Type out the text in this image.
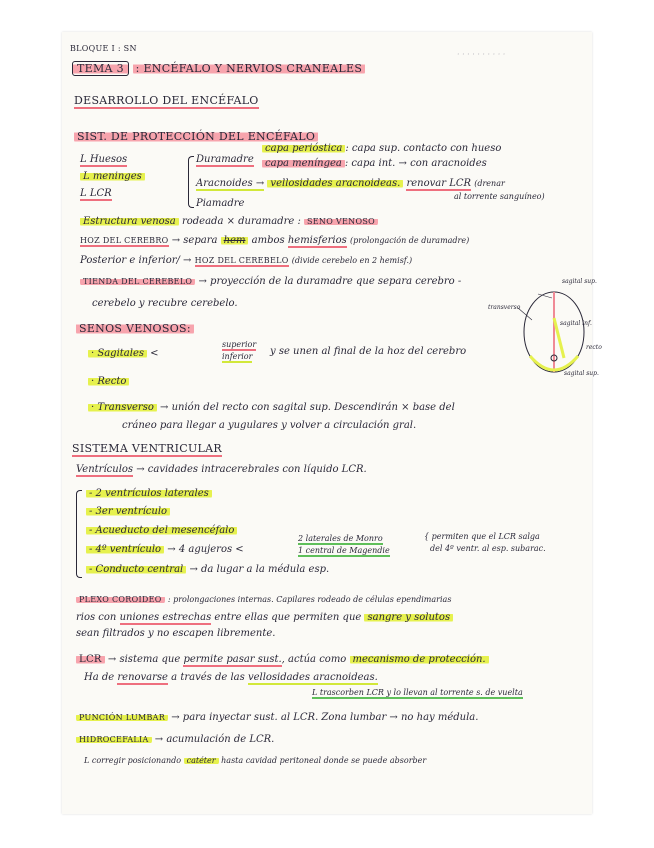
· · · · · · · · · ·
BLOQUE I : SN
TEMA 3 : ENCÉFALO Y NERVIOS CRANEALES
DESARROLLO DEL ENCÉFALO
SIST. DE PROTECCIÓN DEL ENCÉFALO
L Huesos
L meninges
L LCR
Duramadre
capa perióstica : capa sup. contacto con hueso
capa meníngea : capa int. → con aracnoides
Aracnoides → vellosidades aracnoideas. renovar LCR (drenar
al torrente sanguíneo)
Piamadre
Estructura venosa rodeada × duramadre : SENO VENOSO
HOZ DEL CEREBRO → separa hem ambos hemisferios (prolongación de duramadre)
Posterior e inferior/ → HOZ DEL CEREBELO (divide cerebelo en 2 hemisf.)
TIENDA DEL CEREBELO → proyección de la duramadre que separa cerebro -
cerebelo y recubre cerebelo.
SENOS VENOSOS:
· Sagitales <
superior
inferior y se unen al final de la hoz del cerebro
· Recto
· Transverso → unión del recto con sagital sup. Descendirán × base del
cráneo para llegar a yugulares y volver a circulación gral.
sagital sup.
transverso
sagital inf.
recto
sagital sup.
SISTEMA VENTRICULAR
Ventrículos → cavidades intracerebrales con líquido LCR.
- 2 ventrículos laterales
- 3er ventrículo
- Acueducto del mesencéfalo
- 4º ventrículo → 4 agujeros <
2 laterales de Monro
1 central de Magendie
{ permiten que el LCR salga
del 4º ventr. al esp. subarac.
- Conducto central → da lugar a la médula esp.
PLEXO COROIDEO : prolongaciones internas. Capilares rodeado de células ependimarias
rios con uniones estrechas entre ellas que permiten que sangre y solutos
sean filtrados y no escapen libremente.
LCR → sistema que permite pasar sust., actúa como mecanismo de protección.
Ha de renovarse a través de las vellosidades aracnoideas.
L trascorben LCR y lo llevan al torrente s. de vuelta
PUNCIÓN LUMBAR → para inyectar sust. al LCR. Zona lumbar → no hay médula.
HIDROCEFALIA → acumulación de LCR.
L corregir posicionando catéter hasta cavidad peritoneal donde se puede absorber
